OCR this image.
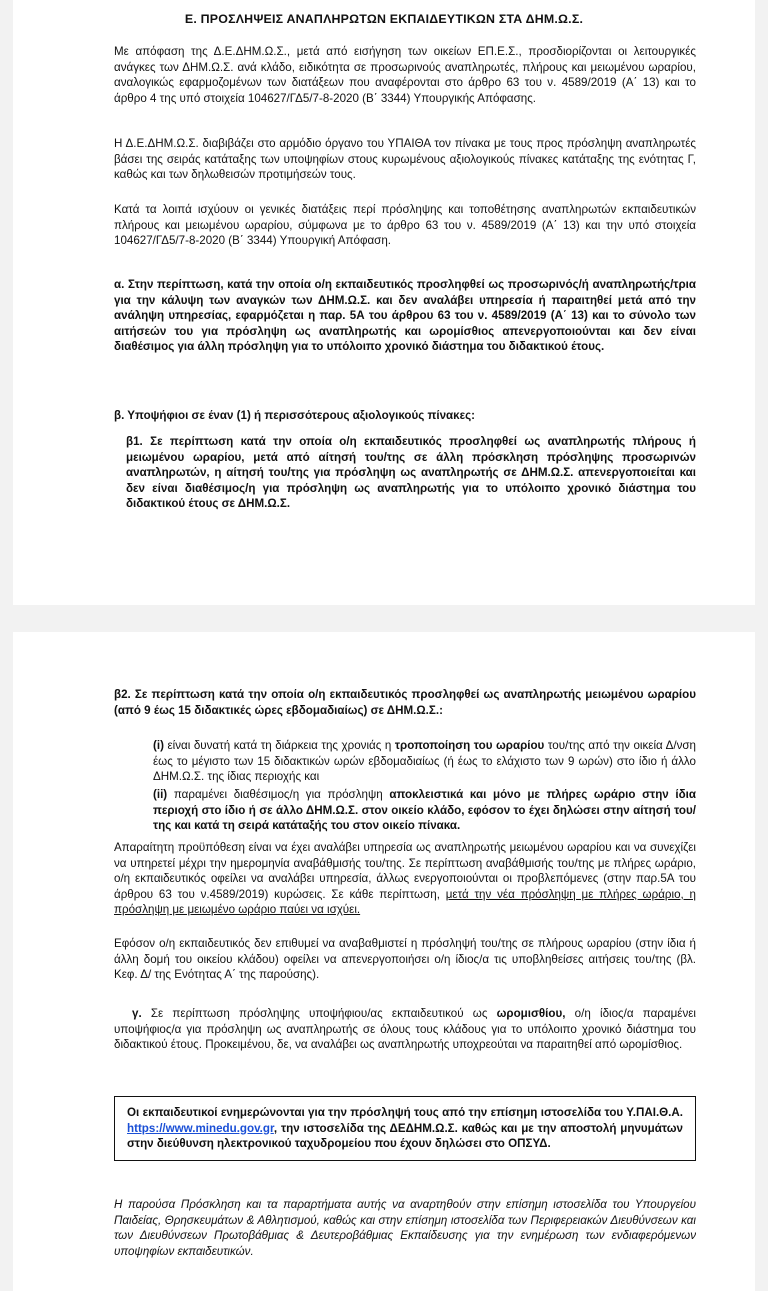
Ε. ΠΡΟΣΛΗΨΕΙΣ ΑΝΑΠΛΗΡΩΤΩΝ ΕΚΠΑΙΔΕΥΤΙΚΩΝ ΣΤΑ ΔΗΜ.Ω.Σ.
Με απόφαση της Δ.Ε.ΔΗΜ.Ω.Σ., μετά από εισήγηση των οικείων ΕΠ.Ε.Σ., προσδιορίζονται οι λειτουργικές ανάγκες των ΔΗΜ.Ω.Σ. ανά κλάδο, ειδικότητα σε προσωρινούς αναπληρωτές, πλήρους και μειωμένου ωραρίου, αναλογικώς εφαρμοζομένων των διατάξεων που αναφέρονται στο άρθρο 63 του ν. 4589/2019 (Α΄ 13) και το άρθρο 4 της υπό στοιχεία 104627/ΓΔ5/7-8-2020 (Β΄ 3344) Υπουργικής Απόφασης.
Η Δ.Ε.ΔΗΜ.Ω.Σ. διαβιβάζει στο αρμόδιο όργανο του ΥΠΑΙΘΑ τον πίνακα με τους προς πρόσληψη αναπληρωτές βάσει της σειράς κατάταξης των υποψηφίων στους κυρωμένους αξιολογικούς πίνακες κατάταξης της ενότητας Γ, καθώς και των δηλωθεισών προτιμήσεών τους.
Κατά τα λοιπά ισχύουν οι γενικές διατάξεις περί πρόσληψης και τοποθέτησης αναπληρωτών εκπαιδευτικών πλήρους και μειωμένου ωραρίου, σύμφωνα με το άρθρο 63 του ν. 4589/2019 (Α΄ 13) και την υπό στοιχεία 104627/ΓΔ5/7-8-2020 (Β΄ 3344) Υπουργική Απόφαση.
α. Στην περίπτωση, κατά την οποία ο/η εκπαιδευτικός προσληφθεί ως προσωρινός/ή αναπληρωτής/τρια για την κάλυψη των αναγκών των ΔΗΜ.Ω.Σ. και δεν αναλάβει υπηρεσία ή παραιτηθεί μετά από την ανάληψη υπηρεσίας, εφαρμόζεται η παρ. 5Α του άρθρου 63 του ν. 4589/2019 (Α΄ 13) και το σύνολο των αιτήσεών του για πρόσληψη ως αναπληρωτής και ωρομίσθιος απενεργοποιούνται και δεν είναι διαθέσιμος για άλλη πρόσληψη για το υπόλοιπο χρονικό διάστημα του διδακτικού έτους.
β. Υποψήφιοι σε έναν (1) ή περισσότερους αξιολογικούς πίνακες:
β1. Σε περίπτωση κατά την οποία ο/η εκπαιδευτικός προσληφθεί ως αναπληρωτής πλήρους ή μειωμένου ωραρίου, μετά από αίτησή του/της σε άλλη πρόσκληση πρόσληψης προσωρινών αναπληρωτών, η αίτησή του/της για πρόσληψη ως αναπληρωτής σε ΔΗΜ.Ω.Σ. απενεργοποιείται και δεν είναι διαθέσιμος/η για πρόσληψη ως αναπληρωτής για το υπόλοιπο χρονικό διάστημα του διδακτικού έτους σε ΔΗΜ.Ω.Σ.
β2. Σε περίπτωση κατά την οποία ο/η εκπαιδευτικός προσληφθεί ως αναπληρωτής μειωμένου ωραρίου (από 9 έως 15 διδακτικές ώρες εβδομαδιαίως) σε ΔΗΜ.Ω.Σ.:
(i) είναι δυνατή κατά τη διάρκεια της χρονιάς η τροποποίηση του ωραρίου του/της από την οικεία Δ/νση έως το μέγιστο των 15 διδακτικών ωρών εβδομαδιαίως (ή έως το ελάχιστο των 9 ωρών) στο ίδιο ή άλλο ΔΗΜ.Ω.Σ. της ίδιας περιοχής και
(ii) παραμένει διαθέσιμος/η για πρόσληψη αποκλειστικά και μόνο με πλήρες ωράριο στην ίδια περιοχή στο ίδιο ή σε άλλο ΔΗΜ.Ω.Σ. στον οικείο κλάδο, εφόσον το έχει δηλώσει στην αίτησή του/της και κατά τη σειρά κατάταξής του στον οικείο πίνακα.
Απαραίτητη προϋπόθεση είναι να έχει αναλάβει υπηρεσία ως αναπληρωτής μειωμένου ωραρίου και να συνεχίζει να υπηρετεί μέχρι την ημερομηνία αναβάθμισής του/της. Σε περίπτωση αναβάθμισής του/της με πλήρες ωράριο, ο/η εκπαιδευτικός οφείλει να αναλάβει υπηρεσία, άλλως ενεργοποιούνται οι προβλεπόμενες (στην παρ.5Α του άρθρου 63 του ν.4589/2019) κυρώσεις. Σε κάθε περίπτωση, μετά την νέα πρόσληψη με πλήρες ωράριο, η πρόσληψη με μειωμένο ωράριο παύει να ισχύει.
Εφόσον ο/η εκπαιδευτικός δεν επιθυμεί να αναβαθμιστεί η πρόσληψή του/της σε πλήρους ωραρίου (στην ίδια ή άλλη δομή του οικείου κλάδου) οφείλει να απενεργοποιήσει ο/η ίδιος/α τις υποβληθείσες αιτήσεις του/της (βλ. Κεφ. Δ/ της Ενότητας Α΄ της παρούσης).
γ. Σε περίπτωση πρόσληψης υποψήφιου/ας εκπαιδευτικού ως ωρομισθίου, ο/η ίδιος/α παραμένει υποψήφιος/α για πρόσληψη ως αναπληρωτής σε όλους τους κλάδους για το υπόλοιπο χρονικό διάστημα του διδακτικού έτους. Προκειμένου, δε, να αναλάβει ως αναπληρωτής υποχρεούται να παραιτηθεί από ωρομίσθιος.
Οι εκπαιδευτικοί ενημερώνονται για την πρόσληψή τους από την επίσημη ιστοσελίδα του Υ.ΠΑΙ.Θ.Α. https://www.minedu.gov.gr, την ιστοσελίδα της ΔΕΔΗΜ.Ω.Σ. καθώς και με την αποστολή μηνυμάτων στην διεύθυνση ηλεκτρονικού ταχυδρομείου που έχουν δηλώσει στο ΟΠΣΥΔ.
Η παρούσα Πρόσκληση και τα παραρτήματα αυτής να αναρτηθούν στην επίσημη ιστοσελίδα του Υπουργείου Παιδείας, Θρησκευμάτων & Αθλητισμού, καθώς και στην επίσημη ιστοσελίδα των Περιφερειακών Διευθύνσεων και των Διευθύνσεων Πρωτοβάθμιας & Δευτεροβάθμιας Εκπαίδευσης για την ενημέρωση των ενδιαφερόμενων υποψηφίων εκπαιδευτικών.
